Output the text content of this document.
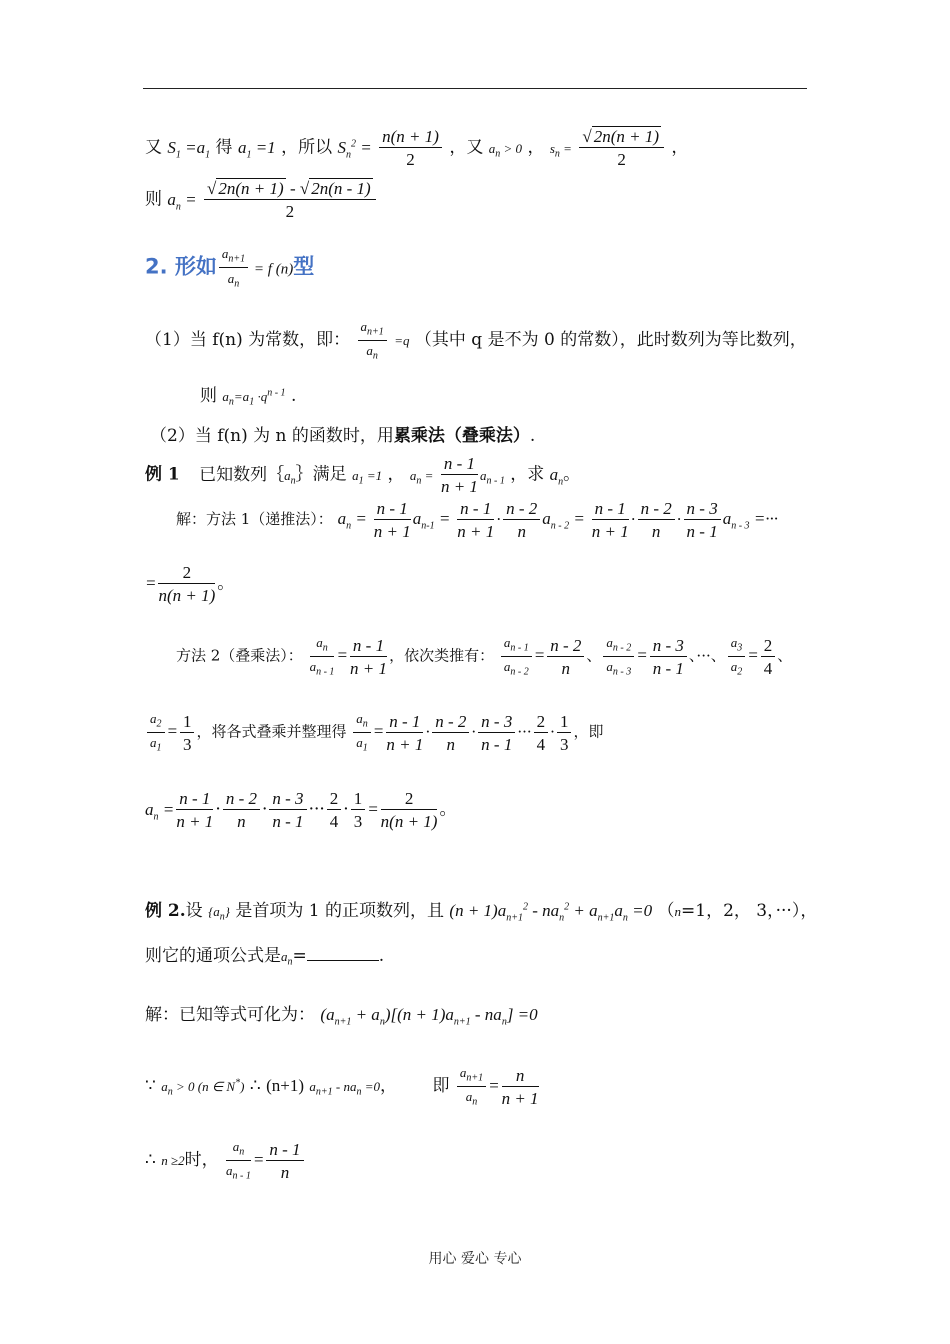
又 $S_1 =a_1$ 得 $a_1 =1$ ，所以 $S_n^2 = \frac{n(n + 1)}{2}$ ，又 $a_n > 0$ ， $s_n = \frac{√ 2n(n + 1)}{2}$ ，
则 $a_n = \frac{√ 2n(n + 1) - √ 2n(n - 1)}{2}$
2. 形如 $\frac{a_{n+1}}{a_n} = f$ (n)型
（1）当 f(n) 为常数，即： $\frac{a_{n+1}}{a_n} =q$ （其中 q 是不为 0 的常数），此时数列为等比数列，
则 $a_n=a_1 \cdot q^{n - 1}$ .
（2）当 f(n) 为 n 的函数时，用累乘法（叠乘法）.
例 1 已知数列$\{a_n\}$满足 $a_1 =1$ ， $a_n = \frac{n - 1}{n + 1} a_{n - 1}$ ，求 $a_n$。
解：方法 1（递推法）： $a_n = \frac{n - 1}{n + 1} a_{n-1} = \frac{n - 1}{n + 1} \cdot \frac{n - 2}{n} a_{n - 2} = \frac{n - 1}{n + 1} \cdot \frac{n - 2}{n} \cdot \frac{n - 3}{n - 1} a_{n - 3}$ =···
= $\frac{2}{n(n + 1)}$ 。
方法 2（叠乘法）： $\frac{a_n}{a_{n - 1}} = \frac{n - 1}{n + 1}$ ，依次类推有： $\frac{a_{n - 1}}{a_{n - 2}} = \frac{n - 2}{n}$ 、 $\frac{a_{n - 2}}{a_{n - 3}} = \frac{n - 3}{n - 1}$ 、···、 $\frac{a_3}{a_2} = \frac{2}{4}$ 、
$\frac{a_2}{a_1} = \frac{1}{3}$ ，将各式叠乘并整理得 $\frac{a_n}{a_1} = \frac{n - 1}{n + 1} \cdot \frac{n - 2}{n} \cdot \frac{n - 3}{n - 1}$ ··· $\frac{2}{4} \cdot \frac{1}{3}$ ，即
$a_n = \frac{n - 1}{n + 1} \cdot \frac{n - 2}{n} \cdot \frac{n - 3}{n - 1}$ ··· $\frac{2}{4} \cdot \frac{1}{3} = \frac{2}{n(n + 1)}$ 。
例 2.设 $\{a_n\}$ 是首项为 1 的正项数列，且 $(n + 1)a_{n+1}^2 - na_n^2 + a_{n+1}a_n =0$ （n=1，2， 3，···），
则它的通项公式是$a_n=$	.
解：已知等式可化为： $(a_{n+1} + a_n)[(n + 1)a_{n+1} - na_n] =0$
∵ $a_n > 0$ (n ∈ N*) ∴ (n+1) $a_{n+1} - na_n =0$， 即 $\frac{a_{n+1}}{a_n} = \frac{n}{n + 1}$
∴ n ≥2时， $\frac{a_n}{a_{n - 1}} = \frac{n - 1}{n}$
用心 爱心 专心
